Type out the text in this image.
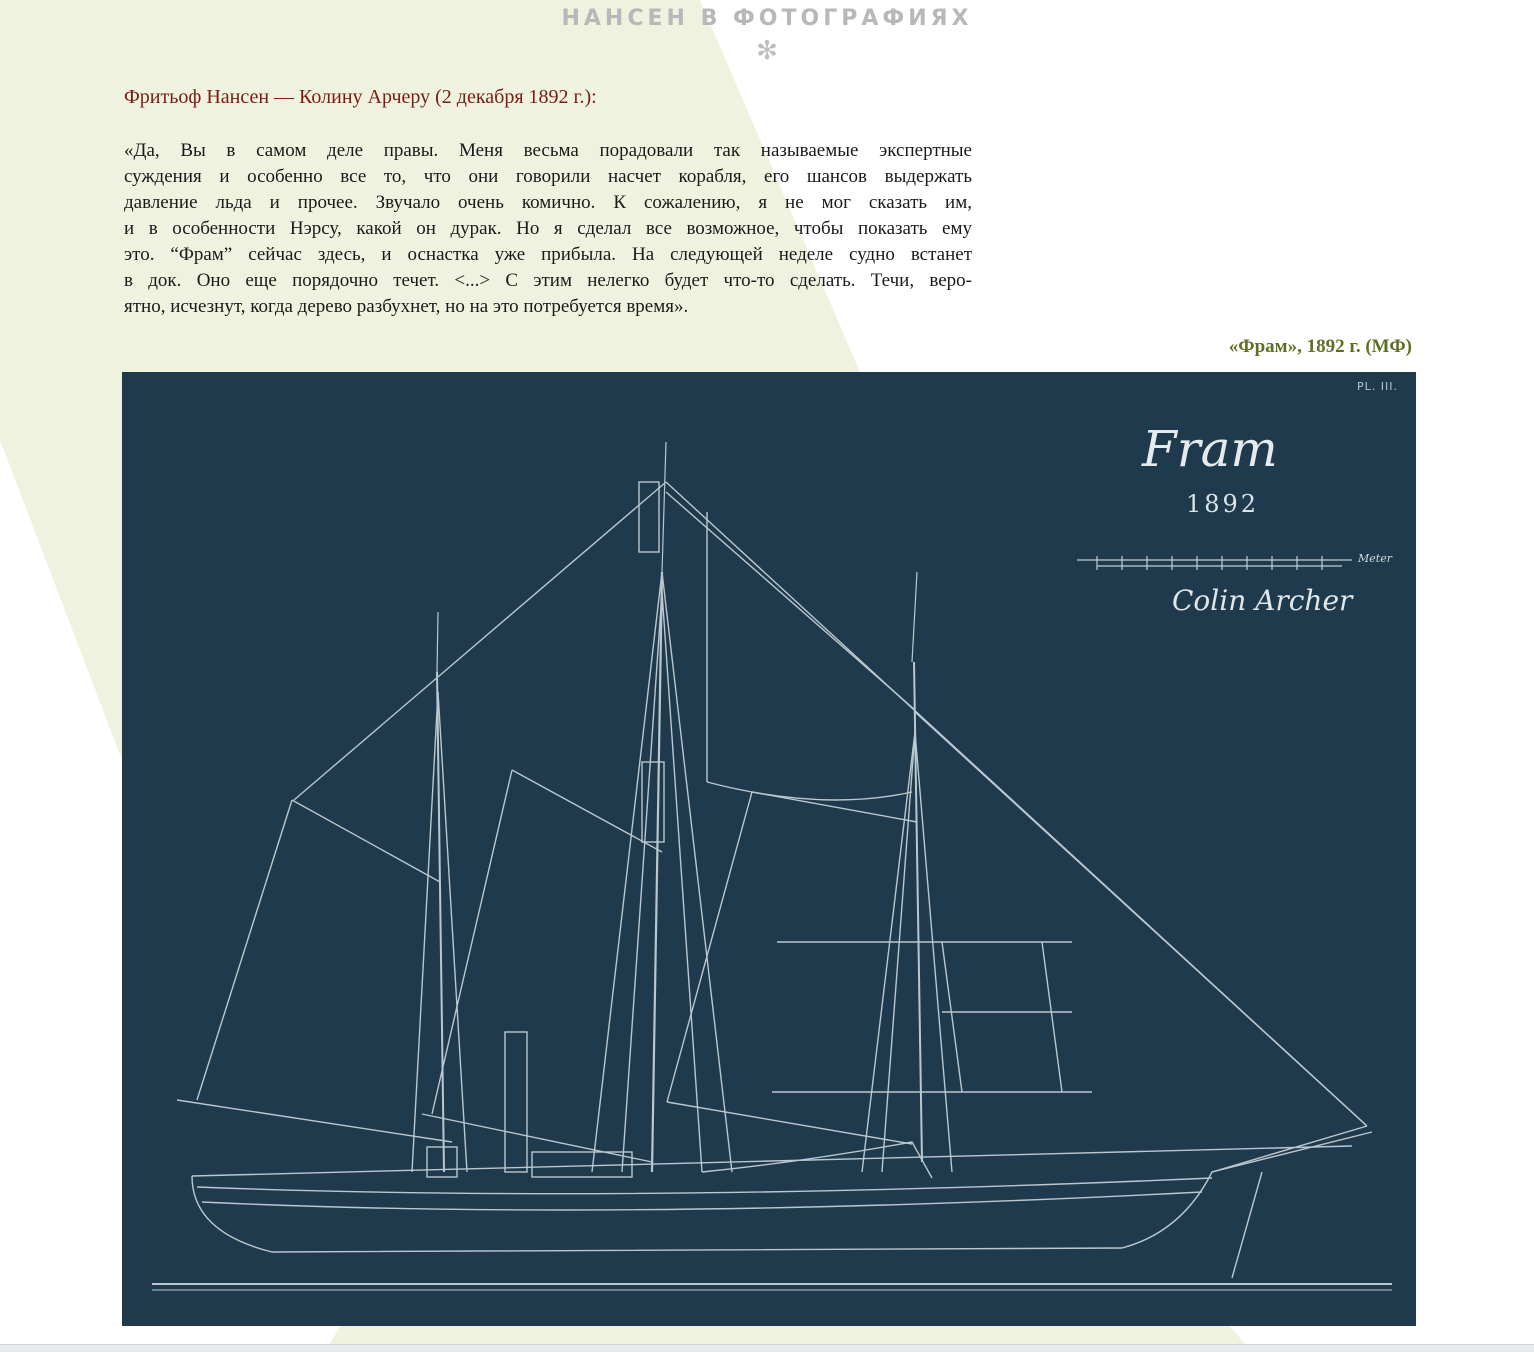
НАНСЕН В ФОТОГРАФИЯХ
✻
Фритьоф Нансен — Колину Арчеру (2 декабря 1892 г.):
«Да, Вы в самом деле правы. Меня весьма порадовали так называемые экспертные
суждения и особенно все то, что они говорили насчет корабля, его шансов выдержать
давление льда и прочее. Звучало очень комично. К сожалению, я не мог сказать им,
и в особенности Нэрсу, какой он дурак. Но я сделал все возможное, чтобы показать ему
это. “Фрам” сейчас здесь, и оснастка уже прибыла. На следующей неделе судно встанет
в док. Оно еще порядочно течет. <...> С этим нелегко будет что-то сделать. Течи, веро-
ятно, исчезнут, когда дерево разбухнет, но на это потребуется время».
«Фрам», 1892 г. (МФ)
PL. III.
Fram
1892
Meter
Colin Archer
